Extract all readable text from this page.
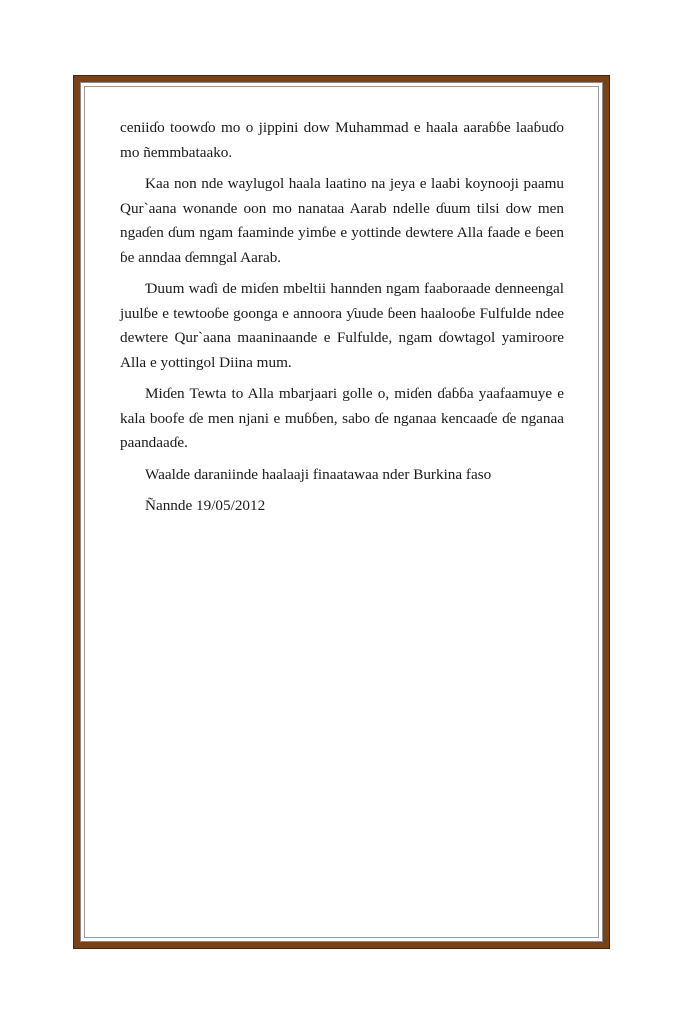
ceniiɗo toowɗo mo o jippini dow Muhammad e haala aaraɓɓe laaɓuɗo mo ñemmbataako.

Kaa non nde waylugol haala laatino na jeya e laabi koynooji paamu Qur`aana wonande oon mo nanataa Aarab ndelle ɗuum tilsi dow men ngaɗen ɗum ngam faaminde yimɓe e yottinde dewtere Alla faade e ɓeen ɓe anndaa ɗemngal Aarab.

Ɗuum waɗi de miɗen mbeltii hannden ngam faaboraade denneengal juulɓe e tewtooɓe goonga e annoora ƴuude ɓeen haalooɓe Fulfulde ndee dewtere Qur`aana maaninaande e Fulfulde, ngam ɗowtagol yamiroore Alla e yottingol Diina mum.

Miɗen Tewta to Alla mbarjaari golle o, miɗen ɗaɓɓa yaafaamuye e kala boofe ɗe men njani e muɓɓen, sabo ɗe nganaa kencaaɗe ɗe nganaa paandaaɗe.

Waalde daraniinde haalaaji finaatawaa nder Burkina faso

Ñannde 19/05/2012
